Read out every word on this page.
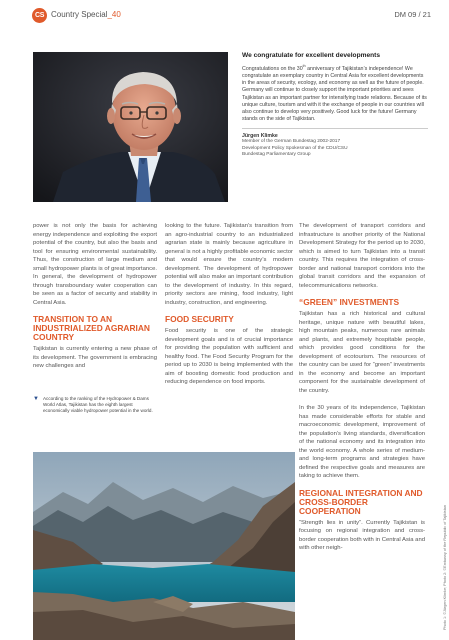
CS Country Special_40	DM 09 / 21
We congratulate for excellent developments
Congratulations on the 30th anniversary of Tajikistan’s independence! We congratulate an exemplary country in Central Asia for excellent developments in the areas of security, ecology, and economy as well as the future of people. Germany will continue to closely support the important priorities and sees Tajikistan as an important partner for intensifying trade relations. Because of its unique culture, tourism and with it the exchange of people in our countries will also continue to develop very positively. Good luck for the future! Germany stands on the side of Tajikistan.
Jürgen Klimke
Member of the German Bundestag 2002-2017
Development Policy Spokesman of the CDU/CSU
Bundestag Parliamentary Group

power is not only the basis for achieving energy independence and exploiting the export potential of the country, but also the basis and tool for ensuring environmental sustainability. Thus, the construction of large medium and small hydropower plants is of great importance. In general, the development of hydropower through transboundary water cooperation can be seen as a factor of security and stability in Central Asia.

TRANSITION TO AN INDUSTRIALIZED AGRARIAN COUNTRY

Tajikistan is currently entering a new phase of its development. The government is embracing new challenges and

▼ According to the ranking of the Hydropower & Dams World Atlas, Tajikistan has the eighth largest economically viable hydropower potential in the world.

looking to the future. Tajikistan’s transition from an agro-industrial country to an industrialized agrarian state is mainly because agriculture in general is not a highly profitable economic sector that would ensure the country’s modern development. The development of hydropower potential will also make an important contribution to the development of industry. In this regard, priority sectors are mining, food industry, light industry, construction, and engineering.

FOOD SECURITY

Food security is one of the strategic development goals and is of crucial importance for providing the population with sufficient and healthy food. The Food Security Program for the period up to 2030 is being implemented with the aim of boosting domestic food production and reducing dependence on food imports.

The development of transport corridors and infrastructure is another priority of the National Development Strategy for the period up to 2030, which is aimed to turn Tajikistan into a transit country. This requires the integration of cross-border and national transport corridors into the global transit corridors and the expansion of telecommunications networks.

“GREEN” INVESTMENTS

Tajikistan has a rich historical and cultural heritage, unique nature with beautiful lakes, high mountain peaks, numerous rare animals and plants, and extremely hospitable people, which provides good conditions for the development of ecotourism. The resources of the country can be used for “green” investments in the economy and become an important component for the sustainable development of the country.

In the 30 years of its independence, Tajikistan has made considerable efforts for stable and macroeconomic development, improvement of the population’s living standards, diversification of the national economy and its integration into the world economy. A whole series of medium- and long-term programs and strategies have defined the respective goals and measures are taking to achieve them.

REGIONAL INTEGRATION AND CROSS-BORDER COOPERATION

“Strength lies in unity”. Currently Tajikistan is focusing on regional integration and cross-border cooperation both with in Central Asia and with other neigh-	Photo 1: ©Jürgen Klimke; Photo 2: ©Embassy of the Republic of Tajikistan
